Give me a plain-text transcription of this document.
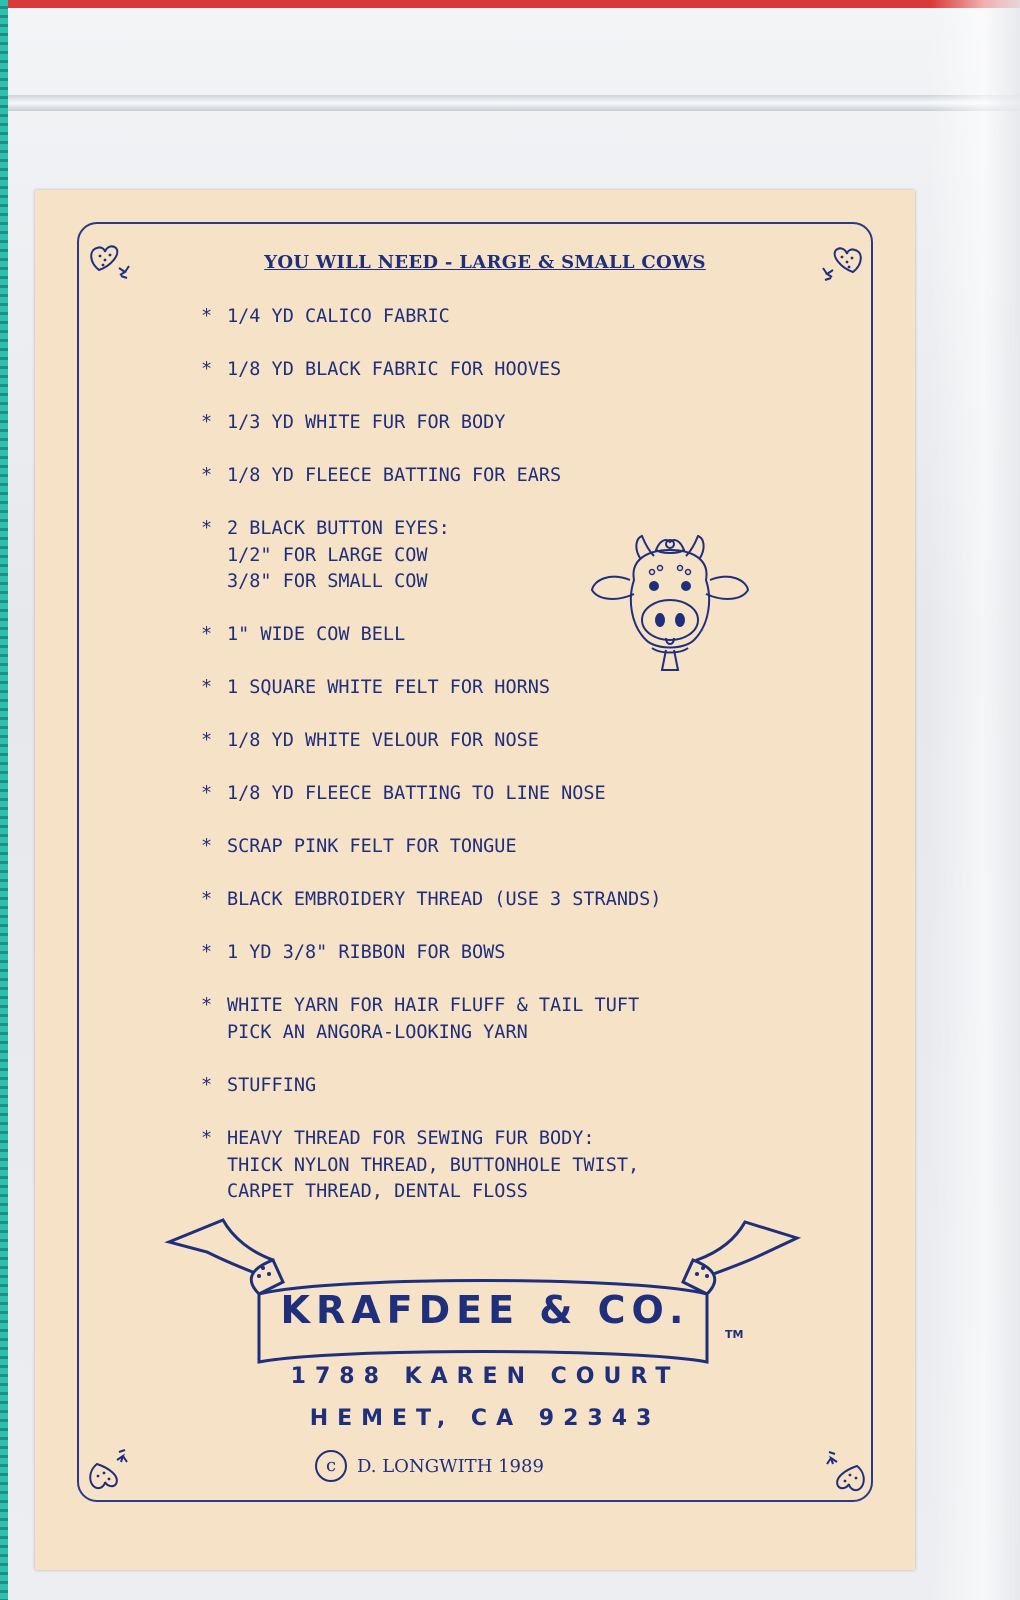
YOU WILL NEED - LARGE & SMALL COWS
* 1/4 YD CALICO FABRIC
* 1/8 YD BLACK FABRIC FOR HOOVES
* 1/3 YD WHITE FUR FOR BODY
* 1/8 YD FLEECE BATTING FOR EARS
* 2 BLACK BUTTON EYES:
1/2" FOR LARGE COW
3/8" FOR SMALL COW
* 1" WIDE COW BELL
* 1 SQUARE WHITE FELT FOR HORNS
* 1/8 YD WHITE VELOUR FOR NOSE
* 1/8 YD FLEECE BATTING TO LINE NOSE
* SCRAP PINK FELT FOR TONGUE
* BLACK EMBROIDERY THREAD (USE 3 STRANDS)
* 1 YD 3/8" RIBBON FOR BOWS
* WHITE YARN FOR HAIR FLUFF & TAIL TUFT
PICK AN ANGORA-LOOKING YARN
* STUFFING
* HEAVY THREAD FOR SEWING FUR BODY:
THICK NYLON THREAD, BUTTONHOLE TWIST,
CARPET THREAD, DENTAL FLOSS
KRAFDEE & CO.
TM
1788 KAREN COURT
HEMET, CA 92343
c	D. LONGWITH 1989
